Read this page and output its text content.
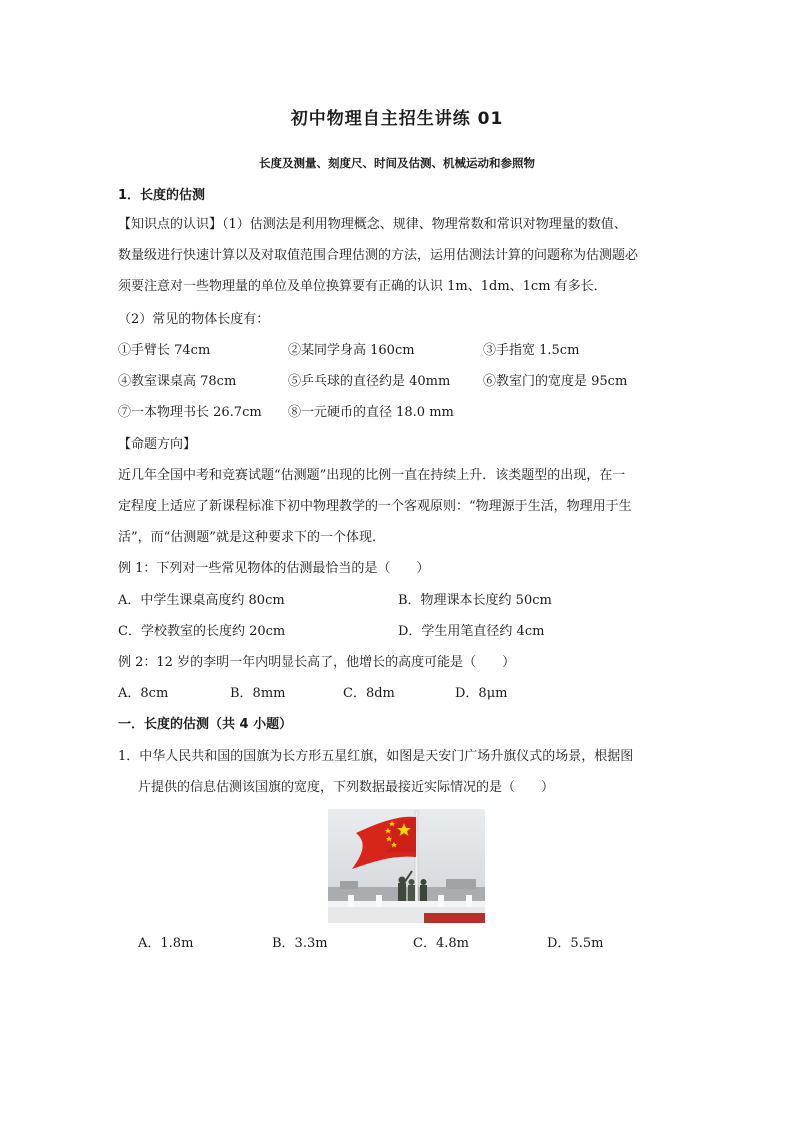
初中物理自主招生讲练 01
长度及测量、刻度尺、时间及估测、机械运动和参照物
1．长度的估测
【知识点的认识】（1）估测法是利用物理概念、规律、物理常数和常识对物理量的数值、
数量级进行快速计算以及对取值范围合理估测的方法，运用估测法计算的问题称为估测题必
须要注意对一些物理量的单位及单位换算要有正确的认识 1m、1dm、1cm 有多长．
（2）常见的物体长度有：
①手臂长 74cm	②某同学身高 160cm	③手指宽 1.5cm
④教室课桌高 78cm	⑤乒乓球的直径约是 40mm	⑥教室门的宽度是 95cm
⑦一本物理书长 26.7cm ⑧一元硬币的直径 18.0 mm
【命题方向】
近几年全国中考和竞赛试题“估测题”出现的比例一直在持续上升．该类题型的出现，在一
定程度上适应了新课程标准下初中物理教学的一个客观原则：“物理源于生活，物理用于生
活”，而“估测题”就是这种要求下的一个体现．
例 1：下列对一些常见物体的估测最恰当的是（　　）
A．中学生课桌高度约 80cm	B．物理课本长度约 50cm
C．学校教室的长度约 20cm	D．学生用笔直径约 4cm
例 2：12 岁的李明一年内明显长高了，他增长的高度可能是（　　）
A．8cm	B．8mm	C．8dm	D．8μm
一．长度的估测（共 4 小题）
1．中华人民共和国的国旗为长方形五星红旗，如图是天安门广场升旗仪式的场景，根据图
片提供的信息估测该国旗的宽度，下列数据最接近实际情况的是（　　）
A．1.8m	B．3.3m	C．4.8m	D．5.5m
